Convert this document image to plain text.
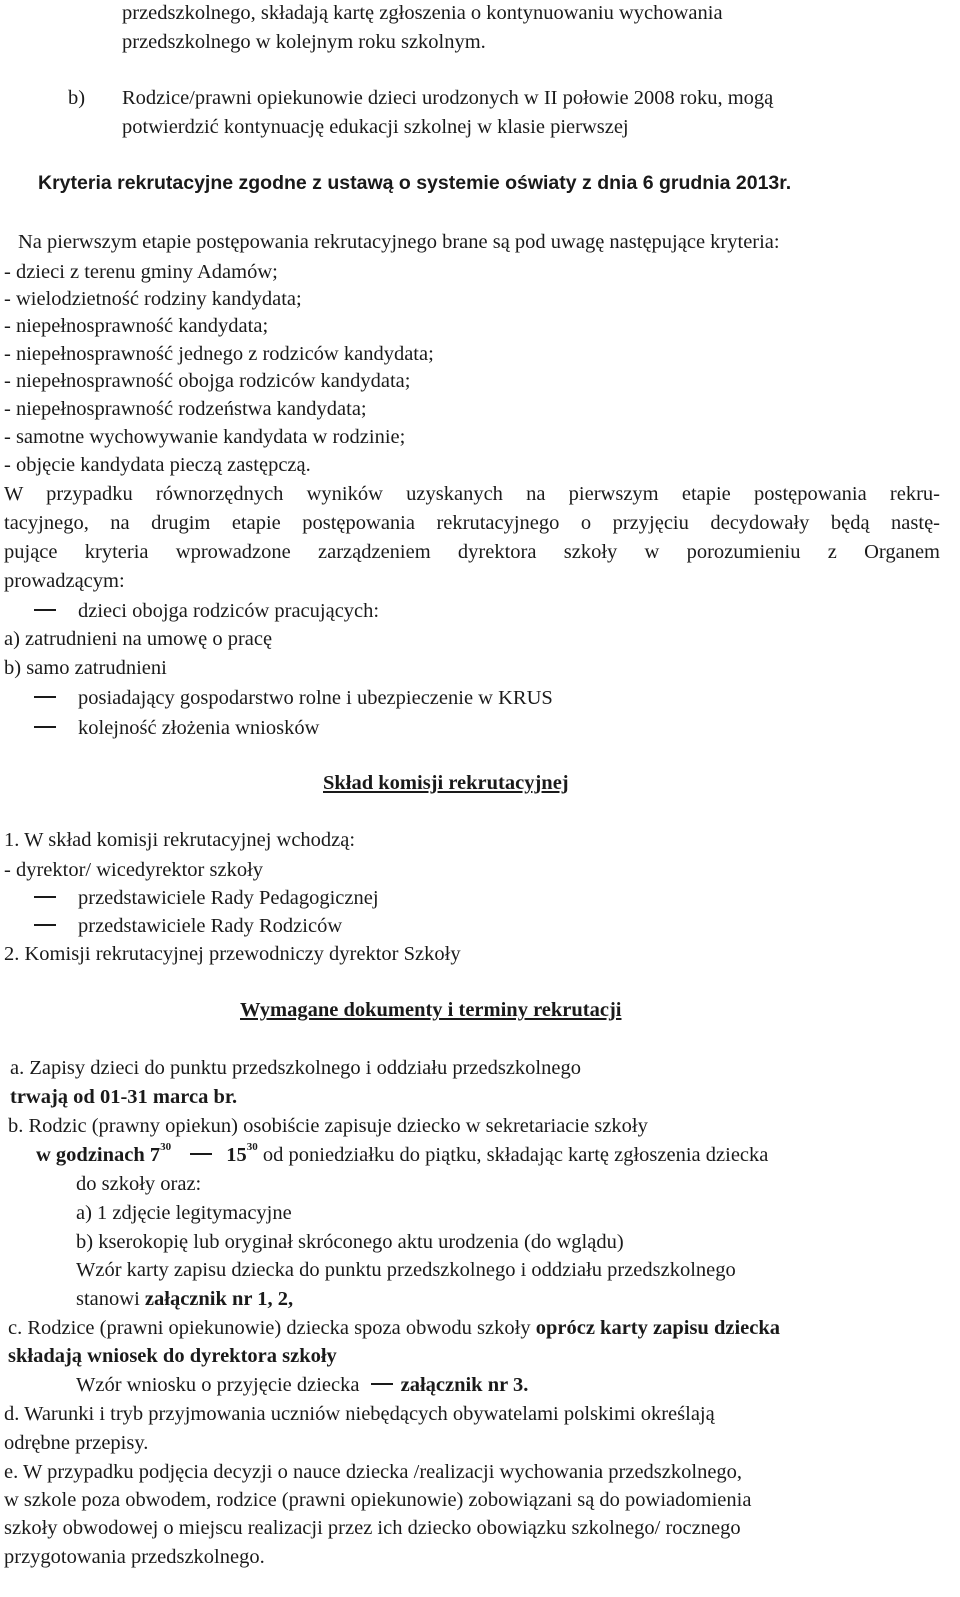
przedszkolnego, składają kartę zgłoszenia o kontynuowaniu wychowania
przedszkolnego w kolejnym roku szkolnym.
b) Rodzice/prawni opiekunowie dzieci urodzonych w II połowie 2008 roku, mogą
potwierdzić kontynuację edukacji szkolnej w klasie pierwszej
Kryteria rekrutacyjne zgodne z ustawą o systemie oświaty z dnia 6 grudnia 2013r.
Na pierwszym etapie postępowania rekrutacyjnego brane są pod uwagę następujące kryteria:
- dzieci z terenu gminy Adamów;
- wielodzietność rodziny kandydata;
- niepełnosprawność kandydata;
- niepełnosprawność jednego z rodziców kandydata;
- niepełnosprawność obojga rodziców kandydata;
- niepełnosprawność rodzeństwa kandydata;
- samotne wychowywanie kandydata w rodzinie;
- objęcie kandydata pieczą zastępczą.
W przypadku równorzędnych wyników uzyskanych na pierwszym etapie postępowania rekru-
tacyjnego, na drugim etapie postępowania rekrutacyjnego o przyjęciu decydowały będą nastę-
pujące kryteria wprowadzone zarządzeniem dyrektora szkoły w porozumieniu z Organem
prowadzącym:
dzieci obojga rodziców pracujących:
a) zatrudnieni na umowę o pracę
b) samo zatrudnieni
posiadający gospodarstwo rolne i ubezpieczenie w KRUS
kolejność złożenia wniosków
Skład komisji rekrutacyjnej
1. W skład komisji rekrutacyjnej wchodzą:
- dyrektor/ wicedyrektor szkoły
przedstawiciele Rady Pedagogicznej
przedstawiciele Rady Rodziców
2. Komisji rekrutacyjnej przewodniczy dyrektor Szkoły
Wymagane dokumenty i terminy rekrutacji
a. Zapisy dzieci do punktu przedszkolnego i oddziału przedszkolnego
trwają od 01-31 marca br.
b. Rodzic (prawny opiekun) osobiście zapisuje dziecko w sekretariacie szkoły
w godzinach $7^{30}$	$15^{30}$ od poniedziałku do piątku, składając kartę zgłoszenia dziecka
do szkoły oraz:
a) 1 zdjęcie legitymacyjne
b) kserokopię lub oryginał skróconego aktu urodzenia (do wglądu)
Wzór karty zapisu dziecka do punktu przedszkolnego i oddziału przedszkolnego
stanowi załącznik nr 1, 2,
c. Rodzice (prawni opiekunowie) dziecka spoza obwodu szkoły oprócz karty zapisu dziecka
składają wniosek do dyrektora szkoły
Wzór wniosku o przyjęcie dziecka załącznik nr 3.
d. Warunki i tryb przyjmowania uczniów niebędących obywatelami polskimi określają
odrębne przepisy.
e. W przypadku podjęcia decyzji o nauce dziecka /realizacji wychowania przedszkolnego,
w szkole poza obwodem, rodzice (prawni opiekunowie) zobowiązani są do powiadomienia
szkoły obwodowej o miejscu realizacji przez ich dziecko obowiązku szkolnego/ rocznego
przygotowania przedszkolnego.
